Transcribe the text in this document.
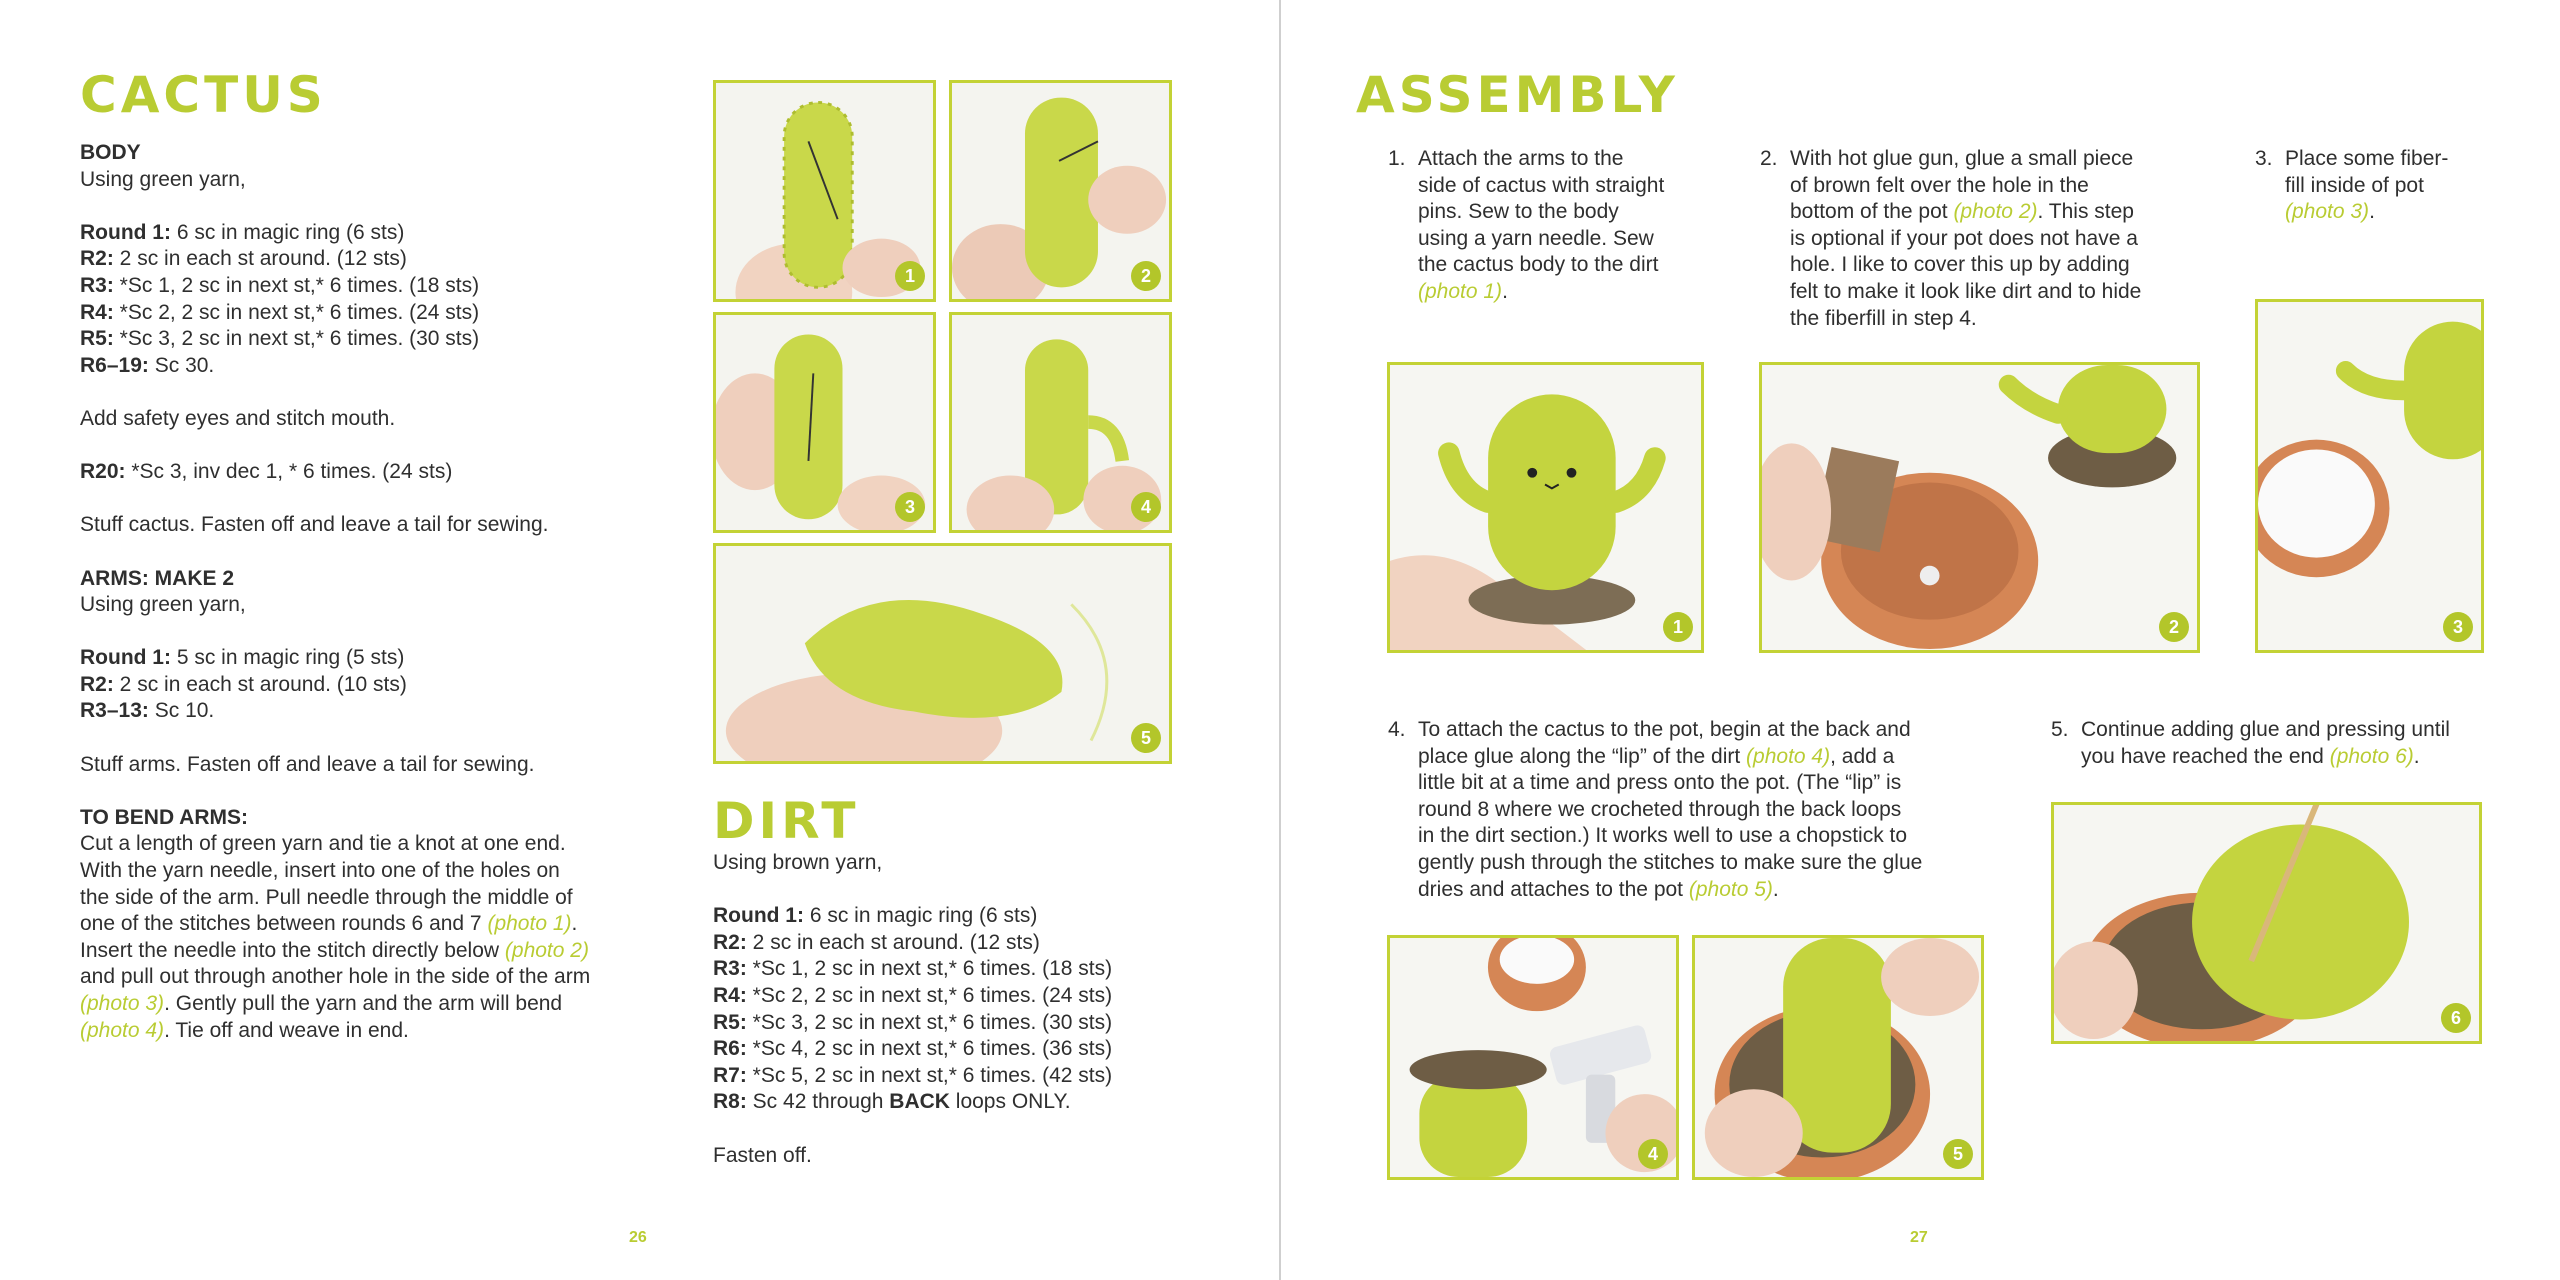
CACTUS

BODY

Using green yarn,

Round 1: 6 sc in magic ring (6 sts)

R2: 2 sc in each st around. (12 sts)

R3: *Sc 1, 2 sc in next st,* 6 times. (18 sts)

R4: *Sc 2, 2 sc in next st,* 6 times. (24 sts)

R5: *Sc 3, 2 sc in next st,* 6 times. (30 sts)

R6–19: Sc 30.

Add safety eyes and stitch mouth.

R20: *Sc 3, inv dec 1, * 6 times. (24 sts)

Stuff cactus. Fasten off and leave a tail for sewing.

ARMS: MAKE 2

Using green yarn,

Round 1: 5 sc in magic ring (5 sts)

R2: 2 sc in each st around. (10 sts)

R3–13: Sc 10.

Stuff arms. Fasten off and leave a tail for sewing.

TO BEND ARMS:

Cut a length of green yarn and tie a knot at one end.

With the yarn needle, insert into one of the holes on

the side of the arm. Pull needle through the middle of

one of the stitches between rounds 6 and 7 (photo 1).

Insert the needle into the stitch directly below (photo 2)

and pull out through another hole in the side of the arm

(photo 3). Gently pull the yarn and the arm will bend

(photo 4). Tie off and weave in end.

1	2
3	4
5
DIRT

Using brown yarn,

Round 1: 6 sc in magic ring (6 sts)

R2: 2 sc in each st around. (12 sts)

R3: *Sc 1, 2 sc in next st,* 6 times. (18 sts)

R4: *Sc 2, 2 sc in next st,* 6 times. (24 sts)

R5: *Sc 3, 2 sc in next st,* 6 times. (30 sts)

R6: *Sc 4, 2 sc in next st,* 6 times. (36 sts)

R7: *Sc 5, 2 sc in next st,* 6 times. (42 sts)

R8: Sc 42 through BACK loops ONLY.

Fasten off.

26
ASSEMBLY
1. Attach the arms to the

side of cactus with straight

pins. Sew to the body

using a yarn needle. Sew

the cactus body to the dirt

(photo 1).

2. With hot glue gun, glue a small piece

of brown felt over the hole in the

bottom of the pot (photo 2). This step

is optional if your pot does not have a

hole. I like to cover this up by adding

felt to make it look like dirt and to hide

the fiberfill in step 4.

3. Place some fiber-

fill inside of pot

(photo 3).

1	2	3
4. To attach the cactus to the pot, begin at the back and

place glue along the “lip” of the dirt (photo 4), add a

little bit at a time and press onto the pot. (The “lip” is

round 8 where we crocheted through the back loops

in the dirt section.) It works well to use a chopstick to

gently push through the stitches to make sure the glue

dries and attaches to the pot (photo 5).

5. Continue adding glue and pressing until

you have reached the end (photo 6).

4	5
6
27
